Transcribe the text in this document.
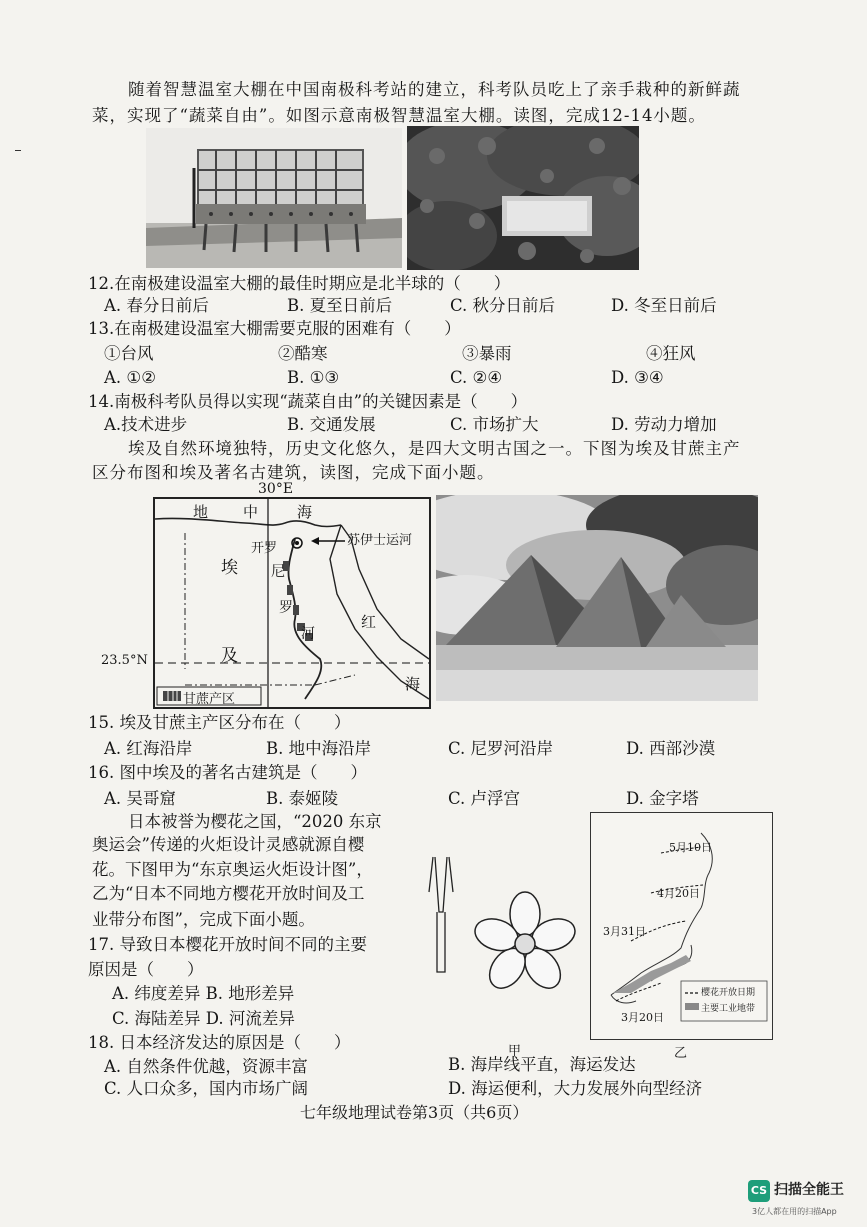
随着智慧温室大棚在中国南极科考站的建立，科考队员吃上了亲手栽种的新鲜蔬
菜，实现了“蔬菜自由”。如图示意南极智慧温室大棚。读图，完成12-14小题。
12.在南极建设温室大棚的最佳时期应是北半球的（　　）
A. 春分日前后	B. 夏至日前后	C. 秋分日前后	D. 冬至日前后
13.在南极建设温室大棚需要克服的困难有（　　）
①台风	②酷寒	③暴雨	④狂风
A. ①②	B. ①③	C. ②④	D. ③④
14.南极科考队员得以实现“蔬菜自由”的关键因素是（　　）
A.技术进步	B. 交通发展	C. 市场扩大	D. 劳动力增加
埃及自然环境独特，历史文化悠久，是四大文明古国之一。下图为埃及甘蔗主产
区分布图和埃及著名古建筑，读图，完成下面小题。
30°E
地 中	海
埃
及
开罗
尼
罗
河
苏伊士运河
红
海
甘蔗产区
23.5°N
15. 埃及甘蔗主产区分布在（　　）
A. 红海沿岸	B. 地中海沿岸	C. 尼罗河沿岸	D. 西部沙漠
16. 图中埃及的著名古建筑是（　　）
A. 吴哥窟	B. 泰姬陵	C. 卢浮宫	D. 金字塔
日本被誉为樱花之国，“2020 东京
奥运会”传递的火炬设计灵感就源自樱
花。下图甲为“东京奥运火炬设计图”，
乙为“日本不同地方樱花开放时间及工
业带分布图”，完成下面小题。
17. 导致日本樱花开放时间不同的主要
原因是（　　）
A. 纬度差异 B. 地形差异
C. 海陆差异 D. 河流差异
甲
5月10日
4月20日
3月31日
3月20日
樱花开放日期
主要工业地带
乙
18. 日本经济发达的原因是（　　）
A. 自然条件优越，资源丰富	B. 海岸线平直，海运发达
C. 人口众多，国内市场广阔	D. 海运便利，大力发展外向型经济
七年级地理试卷第3页（共6页）
CS 扫描全能王
3亿人都在用的扫描App
